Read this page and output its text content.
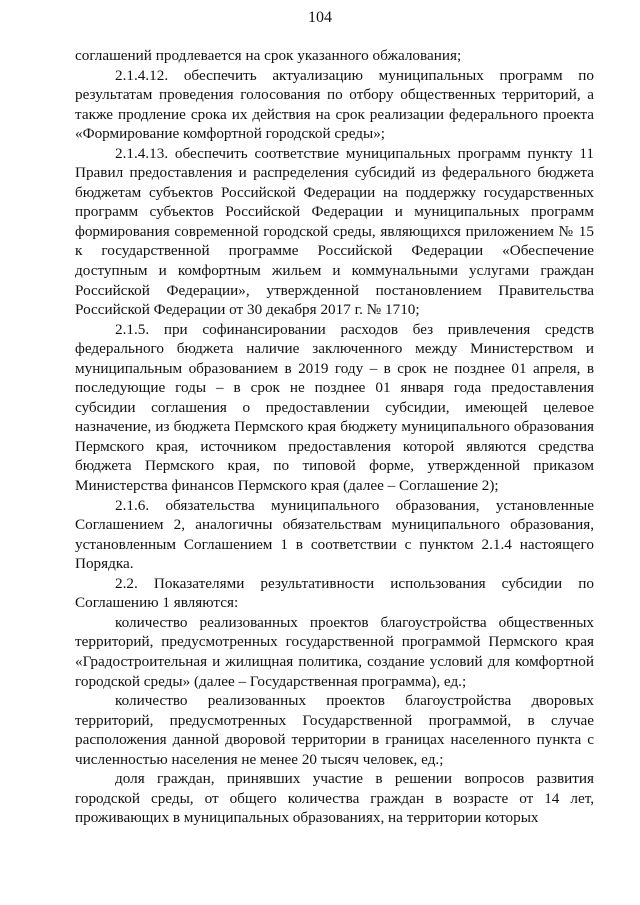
104

соглашений продлевается на срок указанного обжалования;

2.1.4.12. обеспечить актуализацию муниципальных программ по результатам проведения голосования по отбору общественных территорий, а также продление срока их действия на срок реализации федерального проекта «Формирование комфортной городской среды»;

2.1.4.13. обеспечить соответствие муниципальных программ пункту 11 Правил предоставления и распределения субсидий из федерального бюджета бюджетам субъектов Российской Федерации на поддержку государственных программ субъектов Российской Федерации и муниципальных программ формирования современной городской среды, являющихся приложением № 15 к государственной программе Российской Федерации «Обеспечение доступным и комфортным жильем и коммунальными услугами граждан Российской Федерации», утвержденной постановлением Правительства Российской Федерации от 30 декабря 2017 г. № 1710;

2.1.5. при софинансировании расходов без привлечения средств федерального бюджета наличие заключенного между Министерством и муниципальным образованием в 2019 году – в срок не позднее 01 апреля, в последующие годы – в срок не позднее 01 января года предоставления субсидии соглашения о предоставлении субсидии, имеющей целевое назначение, из бюджета Пермского края бюджету муниципального образования Пермского края, источником предоставления которой являются средства бюджета Пермского края, по типовой форме, утвержденной приказом Министерства финансов Пермского края (далее – Соглашение 2);

2.1.6. обязательства муниципального образования, установленные Соглашением 2, аналогичны обязательствам муниципального образования, установленным Соглашением 1 в соответствии с пунктом 2.1.4 настоящего Порядка.

2.2. Показателями результативности использования субсидии по Соглашению 1 являются:

количество реализованных проектов благоустройства общественных территорий, предусмотренных государственной программой Пермского края «Градостроительная и жилищная политика, создание условий для комфортной городской среды» (далее – Государственная программа), ед.;

количество реализованных проектов благоустройства дворовых территорий, предусмотренных Государственной программой, в случае расположения данной дворовой территории в границах населенного пункта с численностью населения не менее 20 тысяч человек, ед.;

доля граждан, принявших участие в решении вопросов развития городской среды, от общего количества граждан в возрасте от 14 лет, проживающих в муниципальных образованиях, на территории которых
